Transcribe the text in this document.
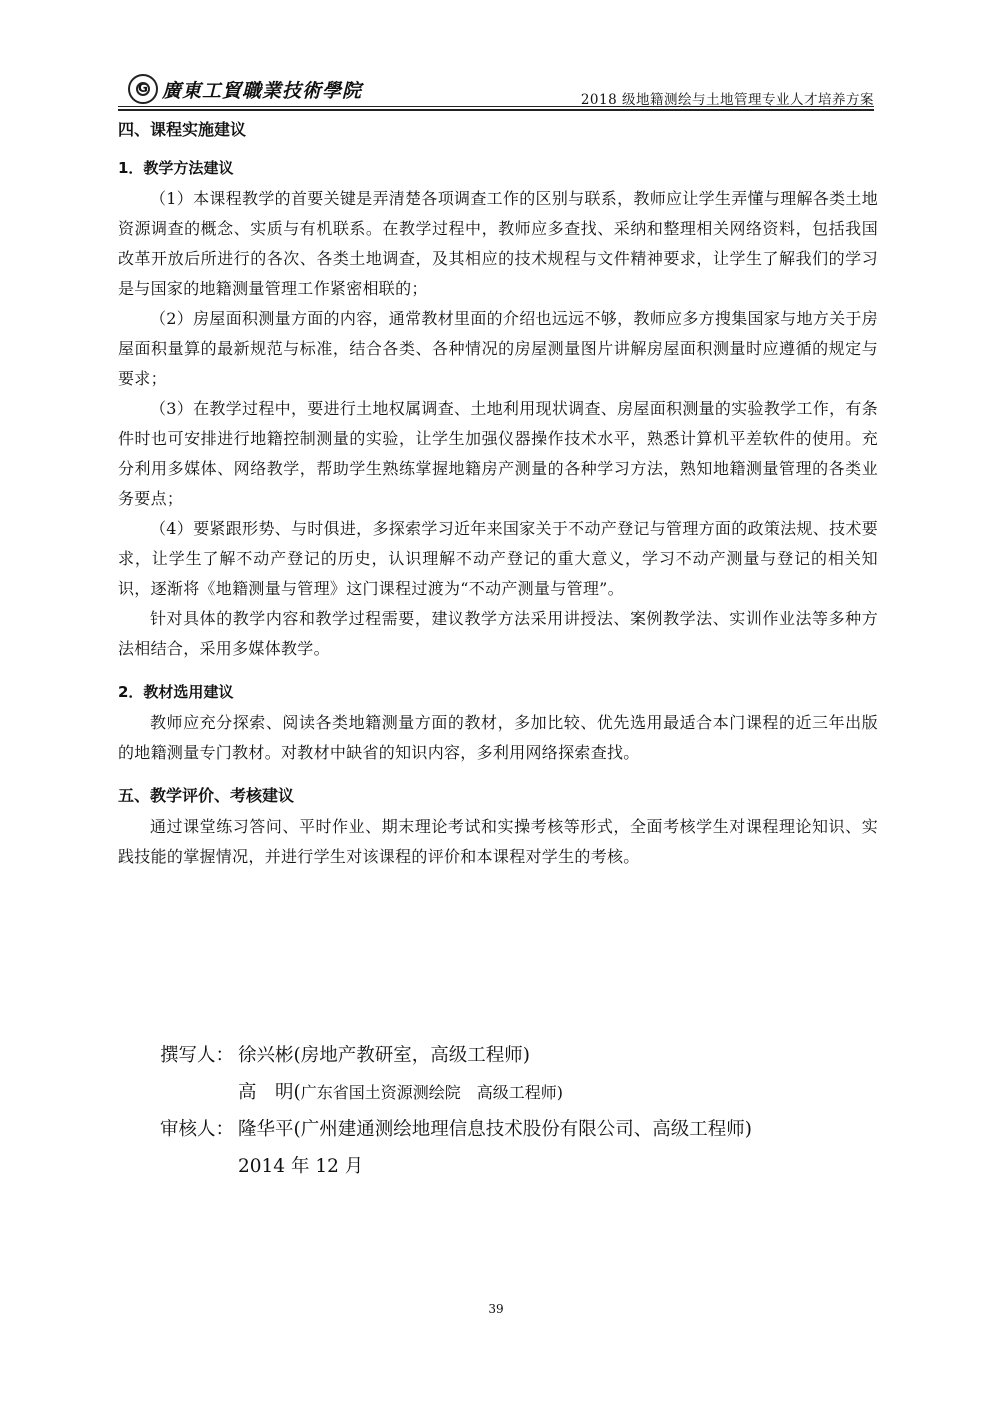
G 廣東工貿職業技術學院	2018 级地籍测绘与土地管理专业人才培养方案
四、课程实施建议
1．教学方法建议

（1）本课程教学的首要关键是弄清楚各项调查工作的区别与联系，教师应让学生弄懂与理解各类土地资源调查的概念、实质与有机联系。在教学过程中，教师应多查找、采纳和整理相关网络资料，包括我国改革开放后所进行的各次、各类土地调查，及其相应的技术规程与文件精神要求，让学生了解我们的学习是与国家的地籍测量管理工作紧密相联的；

（2）房屋面积测量方面的内容，通常教材里面的介绍也远远不够，教师应多方搜集国家与地方关于房屋面积量算的最新规范与标准，结合各类、各种情况的房屋测量图片讲解房屋面积测量时应遵循的规定与要求；

（3）在教学过程中，要进行土地权属调查、土地利用现状调查、房屋面积测量的实验教学工作，有条件时也可安排进行地籍控制测量的实验，让学生加强仪器操作技术水平，熟悉计算机平差软件的使用。充分利用多媒体、网络教学，帮助学生熟练掌握地籍房产测量的各种学习方法，熟知地籍测量管理的各类业务要点；

（4）要紧跟形势、与时俱进，多探索学习近年来国家关于不动产登记与管理方面的政策法规、技术要求，让学生了解不动产登记的历史，认识理解不动产登记的重大意义，学习不动产测量与登记的相关知识，逐渐将《地籍测量与管理》这门课程过渡为“不动产测量与管理”。

针对具体的教学内容和教学过程需要，建议教学方法采用讲授法、案例教学法、实训作业法等多种方法相结合，采用多媒体教学。

2．教材选用建议

教师应充分探索、阅读各类地籍测量方面的教材，多加比较、优先选用最适合本门课程的近三年出版的地籍测量专门教材。对教材中缺省的知识内容，多利用网络探索查找。

五、教学评价、考核建议

通过课堂练习答问、平时作业、期末理论考试和实操考核等形式，全面考核学生对课程理论知识、实践技能的掌握情况，并进行学生对该课程的评价和本课程对学生的考核。

撰写人： 徐兴彬(房地产教研室，高级工程师)
高　明(广东省国土资源测绘院　高级工程师)
审核人： 隆华平(广州建通测绘地理信息技术股份有限公司、高级工程师)
2014 年 12 月
39
